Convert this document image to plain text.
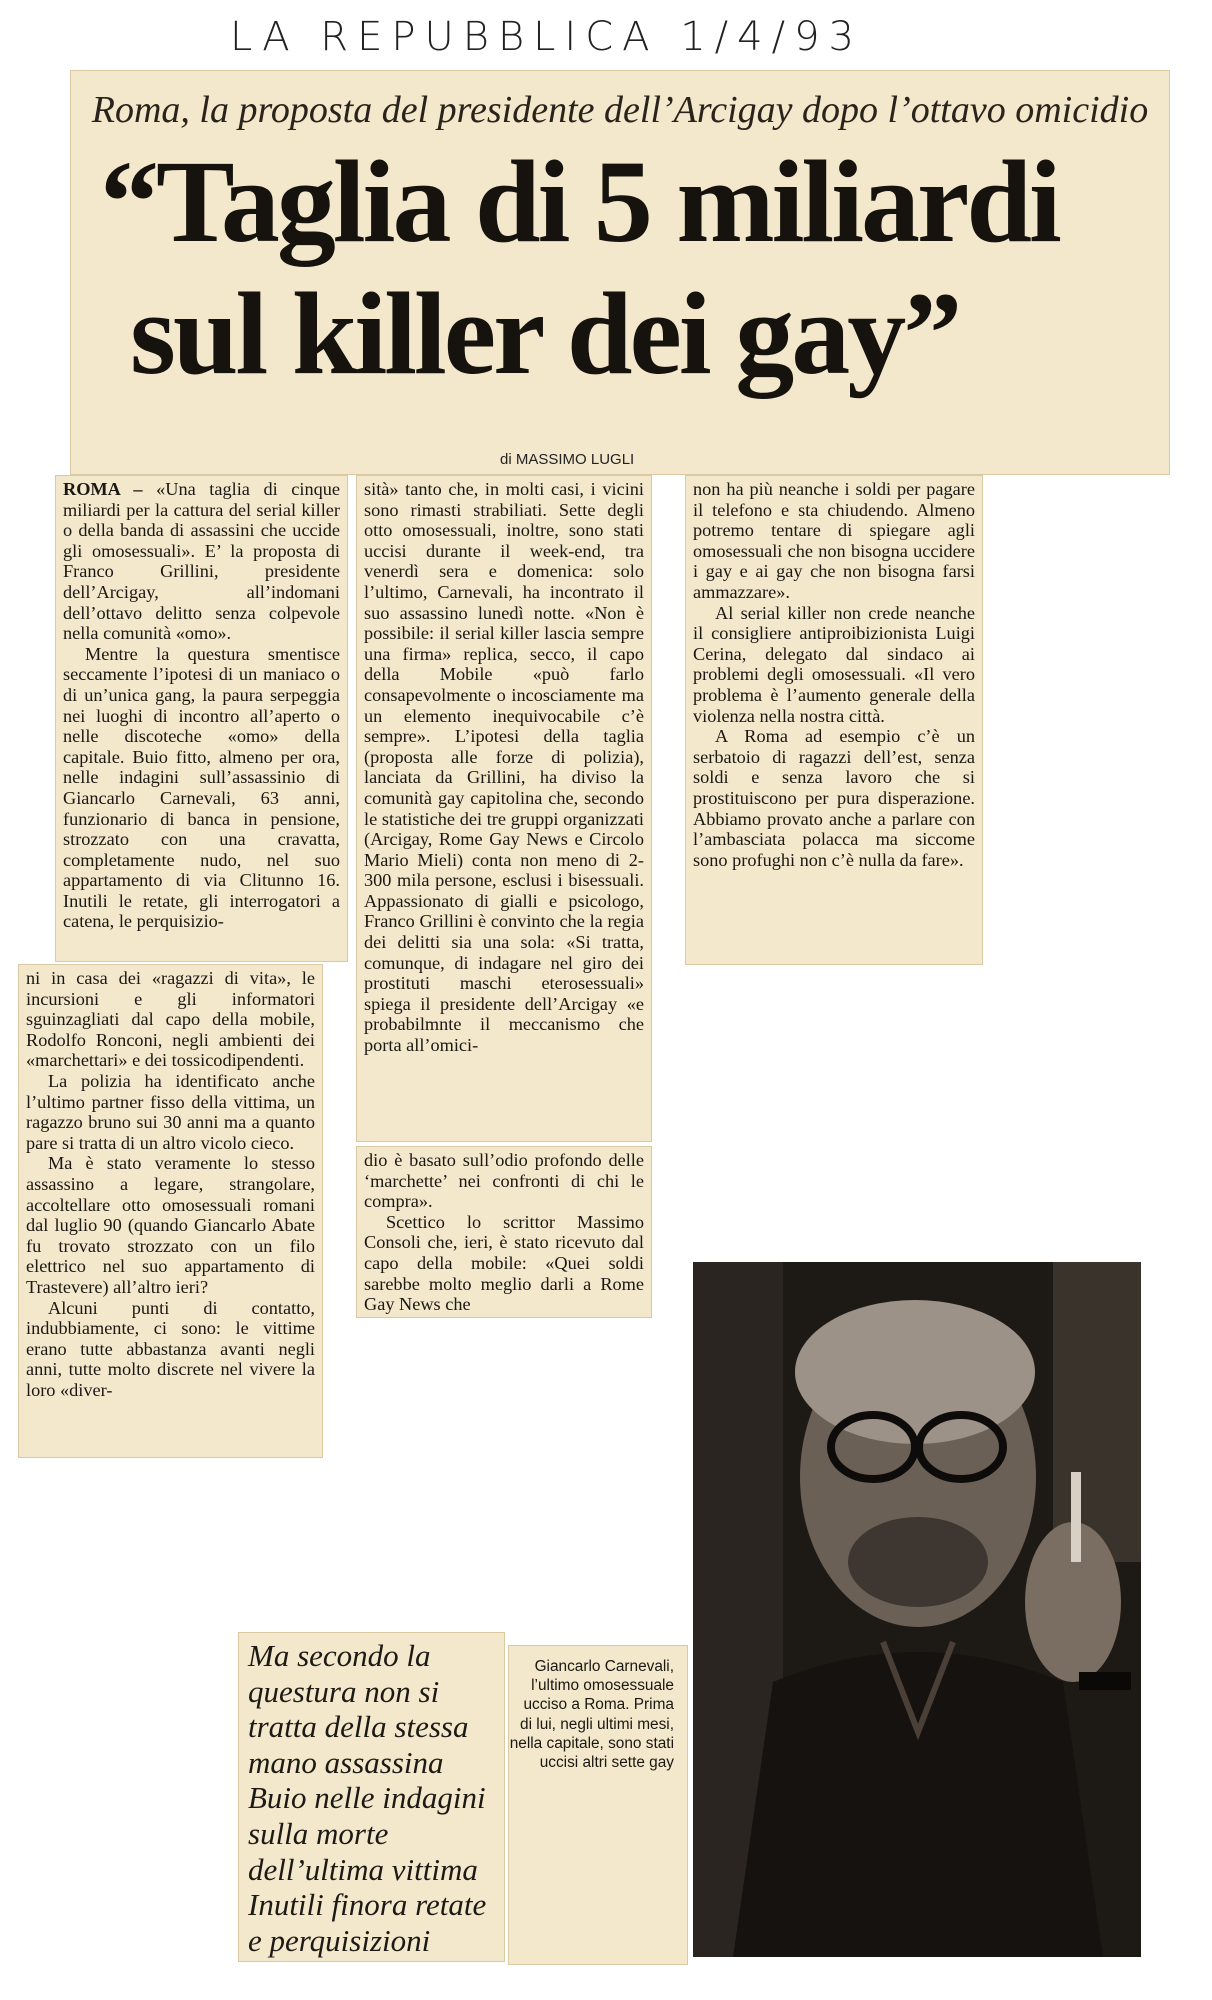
LA REPUBBLICA 1/4/93
Roma, la proposta del presidente dell’Arcigay dopo l’ottavo omicidio
“Taglia di 5 miliardi
sul killer dei gay”
di MASSIMO LUGLI

ROMA – «Una taglia di cinque miliardi per la cattura del serial killer o della banda di assassini che uccide gli omosessuali». E’ la proposta di Franco Grillini, presidente dell’Arcigay, all’indomani dell’ottavo delitto senza colpevole nella comunità «omo».

Mentre la questura smentisce seccamente l’ipotesi di un maniaco o di un’unica gang, la paura serpeggia nei luoghi di incontro all’aperto o nelle discoteche «omo» della capitale. Buio fitto, almeno per ora, nelle indagini sull’assassinio di Giancarlo Carnevali, 63 anni, funzionario di banca in pensione, strozzato con una cravatta, completamente nudo, nel suo appartamento di via Clitunno 16. Inutili le retate, gli interrogatori a catena, le perquisizio-

ni in casa dei «ragazzi di vita», le incursioni e gli informatori sguinzagliati dal capo della mobile, Rodolfo Ronconi, negli ambienti dei «marchettari» e dei tossicodipendenti.

La polizia ha identificato anche l’ultimo partner fisso della vittima, un ragazzo bruno sui 30 anni ma a quanto pare si tratta di un altro vicolo cieco.

Ma è stato veramente lo stesso assassino a legare, strangolare, accoltellare otto omosessuali romani dal luglio 90 (quando Giancarlo Abate fu trovato strozzato con un filo elettrico nel suo appartamento di Trastevere) all’altro ieri?

Alcuni punti di contatto, indubbiamente, ci sono: le vittime erano tutte abbastanza avanti negli anni, tutte molto discrete nel vivere la loro «diver-

sità» tanto che, in molti casi, i vicini sono rimasti strabiliati. Sette degli otto omosessuali, inoltre, sono stati uccisi durante il week-end, tra venerdì sera e domenica: solo l’ultimo, Carnevali, ha incontrato il suo assassino lunedì notte. «Non è possibile: il serial killer lascia sempre una firma» replica, secco, il capo della Mobile «può farlo consapevolmente o incosciamente ma un elemento inequivocabile c’è sempre». L’ipotesi della taglia (proposta alle forze di polizia), lanciata da Grillini, ha diviso la comunità gay capitolina che, secondo le statistiche dei tre gruppi organizzati (Arcigay, Rome Gay News e Circolo Mario Mieli) conta non meno di 2-300 mila persone, esclusi i bisessuali. Appassionato di gialli e psicologo, Franco Grillini è convinto che la regia dei delitti sia una sola: «Si tratta, comunque, di indagare nel giro dei prostituti maschi eterosessuali» spiega il presidente dell’Arcigay «e probabilmnte il meccanismo che porta all’omici-

dio è basato sull’odio profondo delle ‘marchette’ nei confronti di chi le compra».

Scettico lo scrittor Massimo Consoli che, ieri, è stato ricevuto dal capo della mobile: «Quei soldi sarebbe molto meglio darli a Rome Gay News che

non ha più neanche i soldi per pagare il telefono e sta chiudendo. Almeno potremo tentare di spiegare agli omosessuali che non bisogna uccidere i gay e ai gay che non bisogna farsi ammazzare».

Al serial killer non crede neanche il consigliere antiproibizionista Luigi Cerina, delegato dal sindaco ai problemi degli omosessuali. «Il vero problema è l’aumento generale della violenza nella nostra città.

A Roma ad esempio c’è un serbatoio di ragazzi dell’est, senza soldi e senza lavoro che si prostituiscono per pura disperazione. Abbiamo provato anche a parlare con l’ambasciata polacca ma siccome sono profughi non c’è nulla da fare».

Ma secondo la questura non si tratta della stessa mano assassina Buio nelle indagini sulla morte dell’ultima vittima Inutili finora retate e perquisizioni
Giancarlo Carnevali, l’ultimo omosessuale ucciso a Roma. Prima di lui, negli ultimi mesi, nella capitale, sono stati uccisi altri sette gay
